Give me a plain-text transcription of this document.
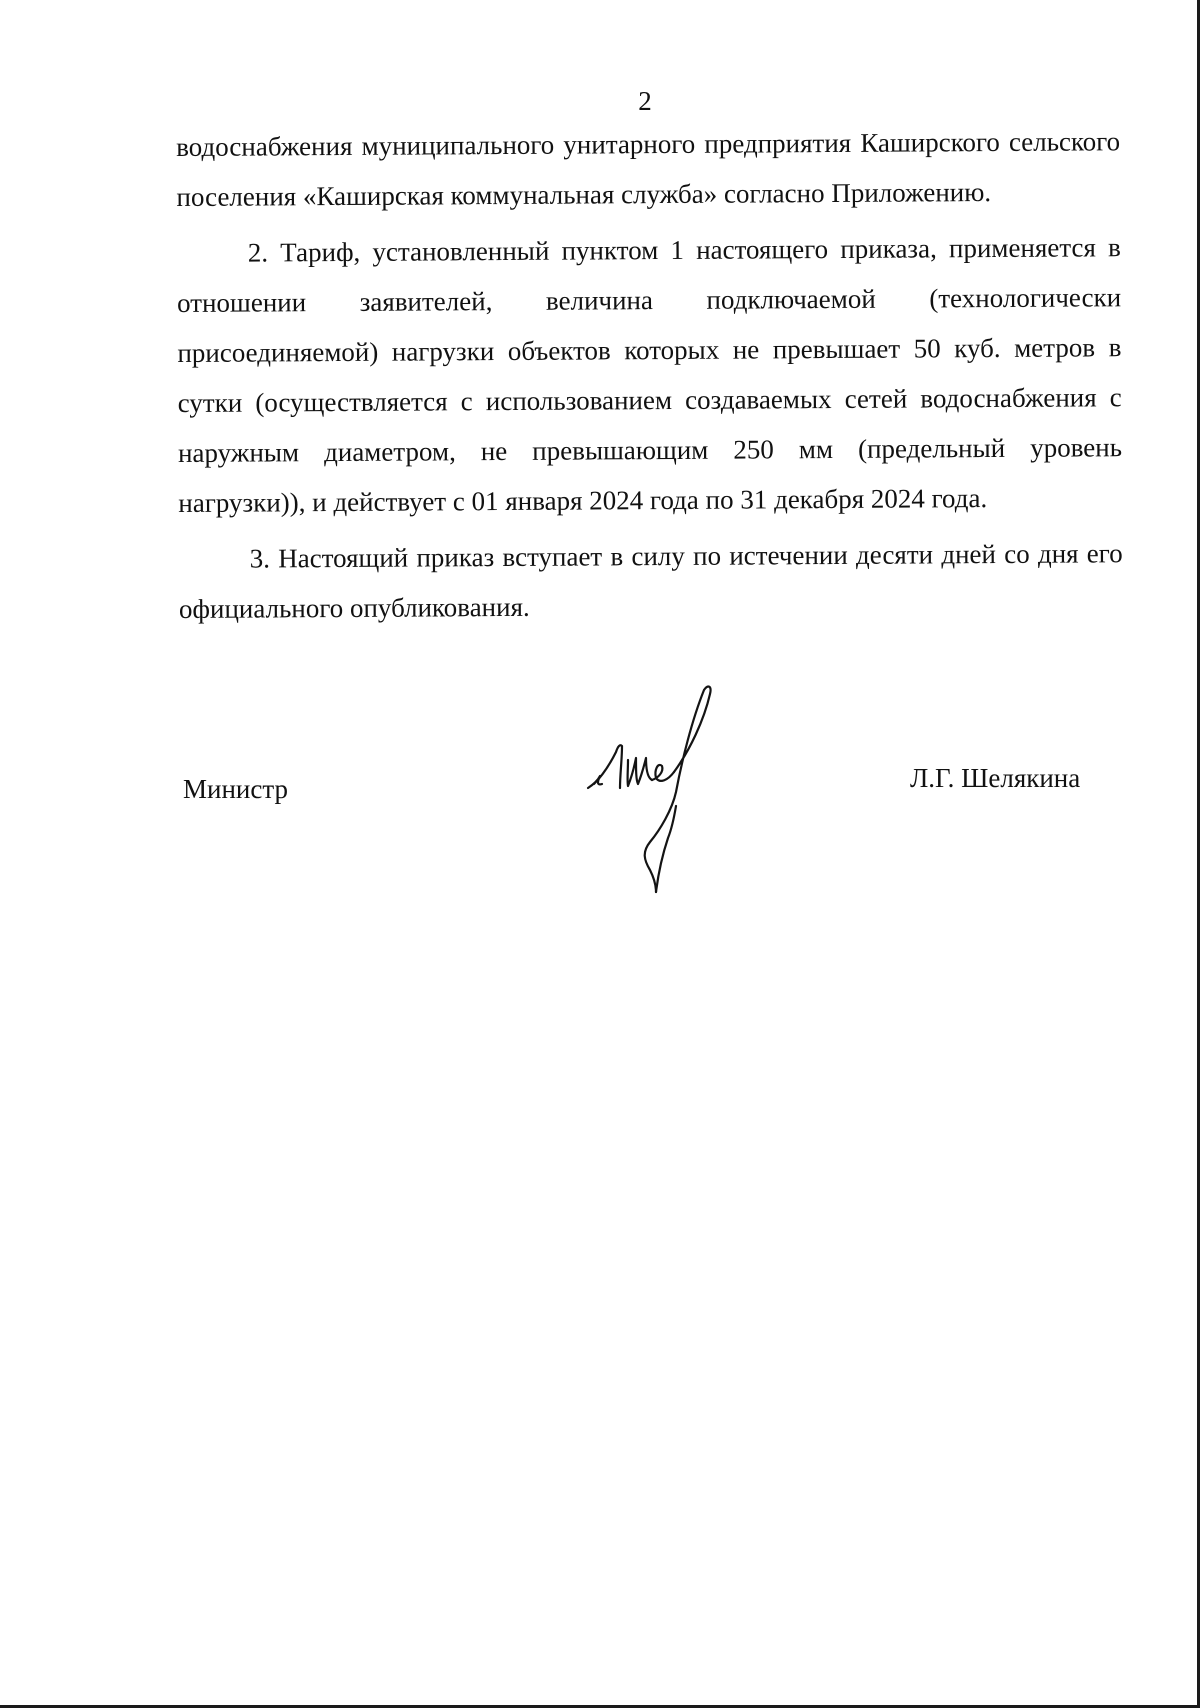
2

водоснабжения муниципального унитарного предприятия Каширского сельского поселения «Каширская коммунальная служба» согласно Приложению.

2. Тариф, установленный пунктом 1 настоящего приказа, применяется в отношении заявителей, величина подключаемой (технологически присоединяемой) нагрузки объектов которых не превышает 50 куб. метров в сутки (осуществляется с использованием создаваемых сетей водоснабжения с наружным диаметром, не превышающим 250 мм (предельный уровень нагрузки)), и действует с 01 января 2024 года по 31 декабря 2024 года.

3. Настоящий приказ вступает в силу по истечении десяти дней со дня его официального опубликования.

Министр	Л.Г. Шелякина
